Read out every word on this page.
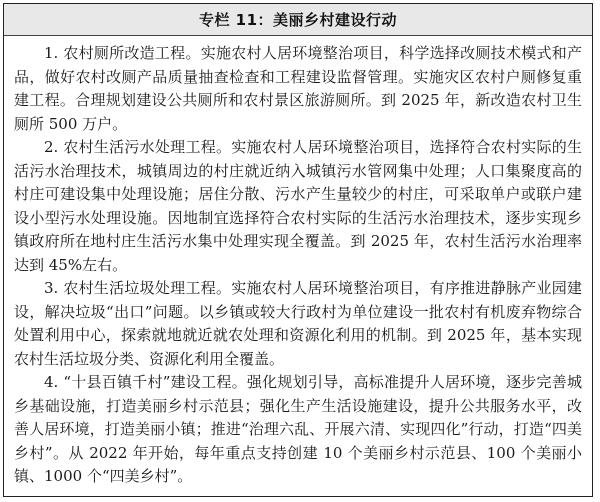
专栏 11：美丽乡村建设行动

1. 农村厕所改造工程。实施农村人居环境整治项目，科学选择改厕技术模式和产品，做好农村改厕产品质量抽查检查和工程建设监督管理。实施灾区农村户厕修复重建工程。合理规划建设公共厕所和农村景区旅游厕所。到 2025 年，新改造农村卫生厕所 500 万户。

2. 农村生活污水处理工程。实施农村人居环境整治项目，选择符合农村实际的生活污水治理技术，城镇周边的村庄就近纳入城镇污水管网集中处理；人口集聚度高的村庄可建设集中处理设施；居住分散、污水产生量较少的村庄，可采取单户或联户建设小型污水处理设施。因地制宜选择符合农村实际的生活污水治理技术，逐步实现乡镇政府所在地村庄生活污水集中处理实现全覆盖。到 2025 年，农村生活污水治理率达到 45%左右。

3. 农村生活垃圾处理工程。实施农村人居环境整治项目，有序推进静脉产业园建设，解决垃圾“出口”问题。以乡镇或较大行政村为单位建设一批农村有机废弃物综合处置利用中心，探索就地就近就农处理和资源化利用的机制。到 2025 年，基本实现农村生活垃圾分类、资源化利用全覆盖。

4. “十县百镇千村”建设工程。强化规划引导，高标准提升人居环境，逐步完善城乡基础设施，打造美丽乡村示范县；强化生产生活设施建设，提升公共服务水平，改善人居环境，打造美丽小镇；推进“治理六乱、开展六清、实现四化”行动，打造“四美乡村”。从 2022 年开始，每年重点支持创建 10 个美丽乡村示范县、100 个美丽小镇、1000 个“四美乡村”。
